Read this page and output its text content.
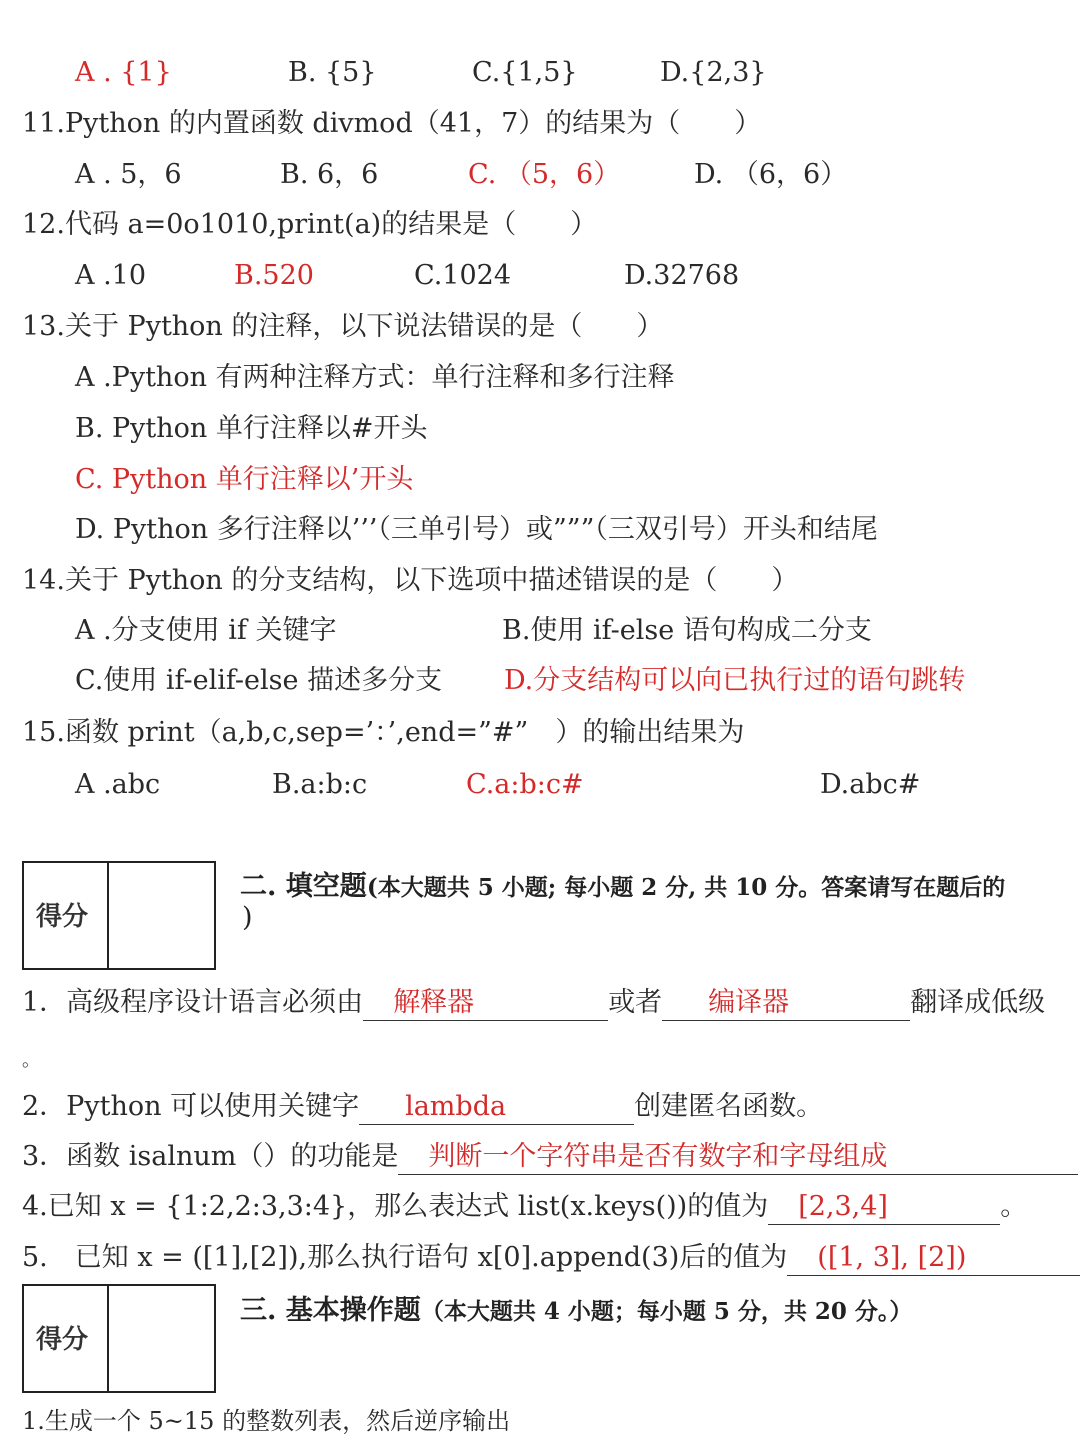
A . {1}	B. {5}	C.{1,5}	D.{2,3}
11.Python 的内置函数 divmod（41，7）的结果为（　　）
A . 5，6	B. 6，6	C. （5，6）	D. （6，6）
12.代码 a=0o1010,print(a)的结果是（　　）
A .10	B.520	C.1024	D.32768
13.关于 Python 的注释，以下说法错误的是（　　）
A .Python 有两种注释方式：单行注释和多行注释
B. Python 单行注释以#开头
C. Python 单行注释以’开头
D. Python 多行注释以’’’（三单引号）或”””（三双引号）开头和结尾
14.关于 Python 的分支结构，以下选项中描述错误的是（　　）
A .分支使用 if 关键字	B.使用 if-else 语句构成二分支
C.使用 if-elif-else 描述多分支 D.分支结构可以向已执行过的语句跳转
15.函数 print（a,b,c,sep=’：’,end=”#”　）的输出结果为
A .abc	B.a:b:c	C.a:b:c#	D.abc#
得分
二. 填空题(本大题共 5 小题; 每小题 2 分, 共 10 分。答案请写在题后的
)
1．高级程序设计语言必须由 解释器	或者 编译器	翻译成低级
。
2．Python 可以使用关键字 lambda	创建匿名函数。
3．函数 isalnum（）的功能是 判断一个字符串是否有数字和字母组成
4.已知 x = {1:2,2:3,3:4}，那么表达式 list(x.keys())的值为 [2,3,4]	。
5.　已知 x = ([1],[2]),那么执行语句 x[0].append(3)后的值为 ([1, 3], [2])
得分
三. 基本操作题（本大题共 4 小题；每小题 5 分，共 20 分。）
1.生成一个 5~15 的整数列表，然后逆序输出
